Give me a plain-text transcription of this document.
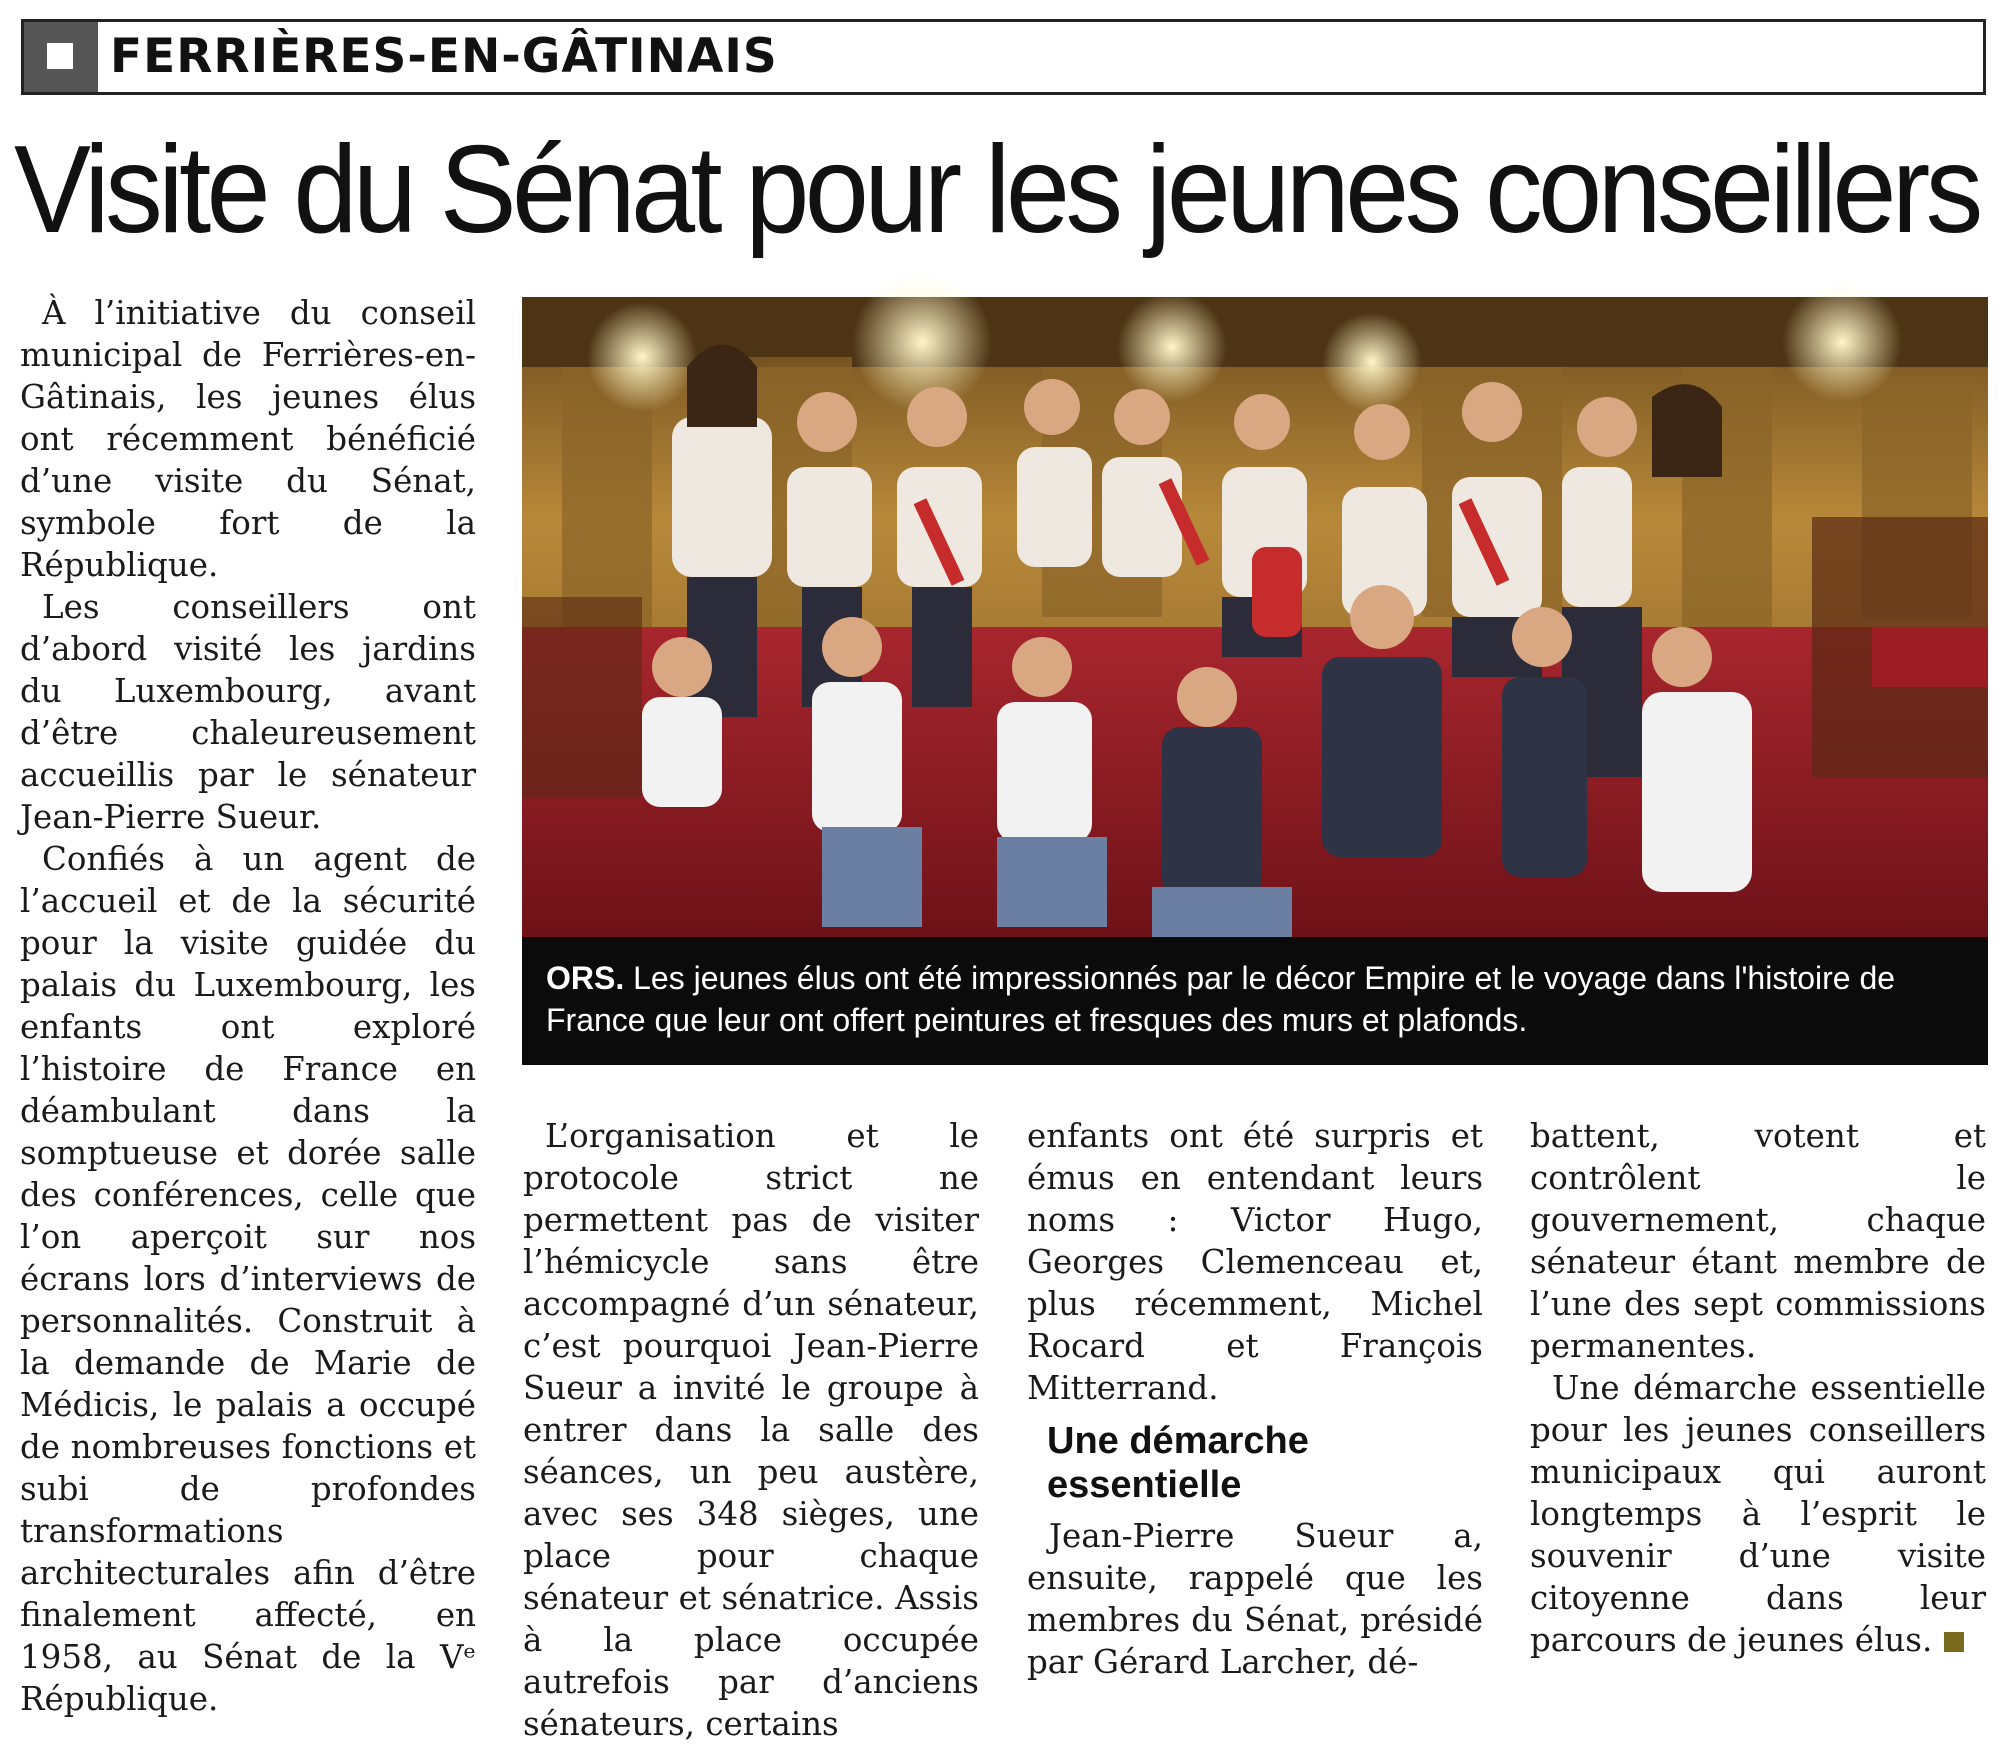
FERRIÈRES-EN-GÂTINAIS
Visite du Sénat pour les jeunes conseillers

À l’initiative du conseil municipal de Ferrières-en-Gâtinais, les jeunes élus ont récemment bénéficié d’une visite du Sénat, symbole fort de la République.

Les conseillers ont d’abord visité les jardins du Luxembourg, avant d’être chaleureusement accueillis par le sénateur Jean-Pierre Sueur.

Confiés à un agent de l’accueil et de la sécurité pour la visite guidée du palais du Luxembourg, les enfants ont exploré l’histoire de France en déambulant dans la somptueuse et dorée salle des conférences, celle que l’on aperçoit sur nos écrans lors d’interviews de personnalités. Construit à la demande de Marie de Médicis, le palais a occupé de nombreuses fonctions et subi de profondes transformations architecturales afin d’être finalement affecté, en 1958, au Sénat de la Vᵉ République.

ORS. Les jeunes élus ont été impressionnés par le décor Empire et le voyage dans l'histoire de France que leur ont offert peintures et fresques des murs et plafonds.

L’organisation et le protocole strict ne permettent pas de visiter l’hémicycle sans être accompagné d’un sénateur, c’est pourquoi Jean-Pierre Sueur a invité le groupe à entrer dans la salle des séances, un peu austère, avec ses 348 sièges, une place pour chaque sénateur et sénatrice. Assis à la place occupée autrefois par d’anciens sénateurs, certains

enfants ont été surpris et émus en entendant leurs noms : Victor Hugo, Georges Clemenceau et, plus récemment, Michel Rocard et François Mitterrand.

Une démarche essentielle

Jean-Pierre Sueur a, ensuite, rappelé que les membres du Sénat, présidé par Gérard Larcher, dé-

battent, votent et contrôlent le gouvernement, chaque sénateur étant membre de l’une des sept commissions permanentes.

Une démarche essentielle pour les jeunes conseillers municipaux qui auront longtemps à l’esprit le souvenir d’une visite citoyenne dans leur parcours de jeunes élus.
